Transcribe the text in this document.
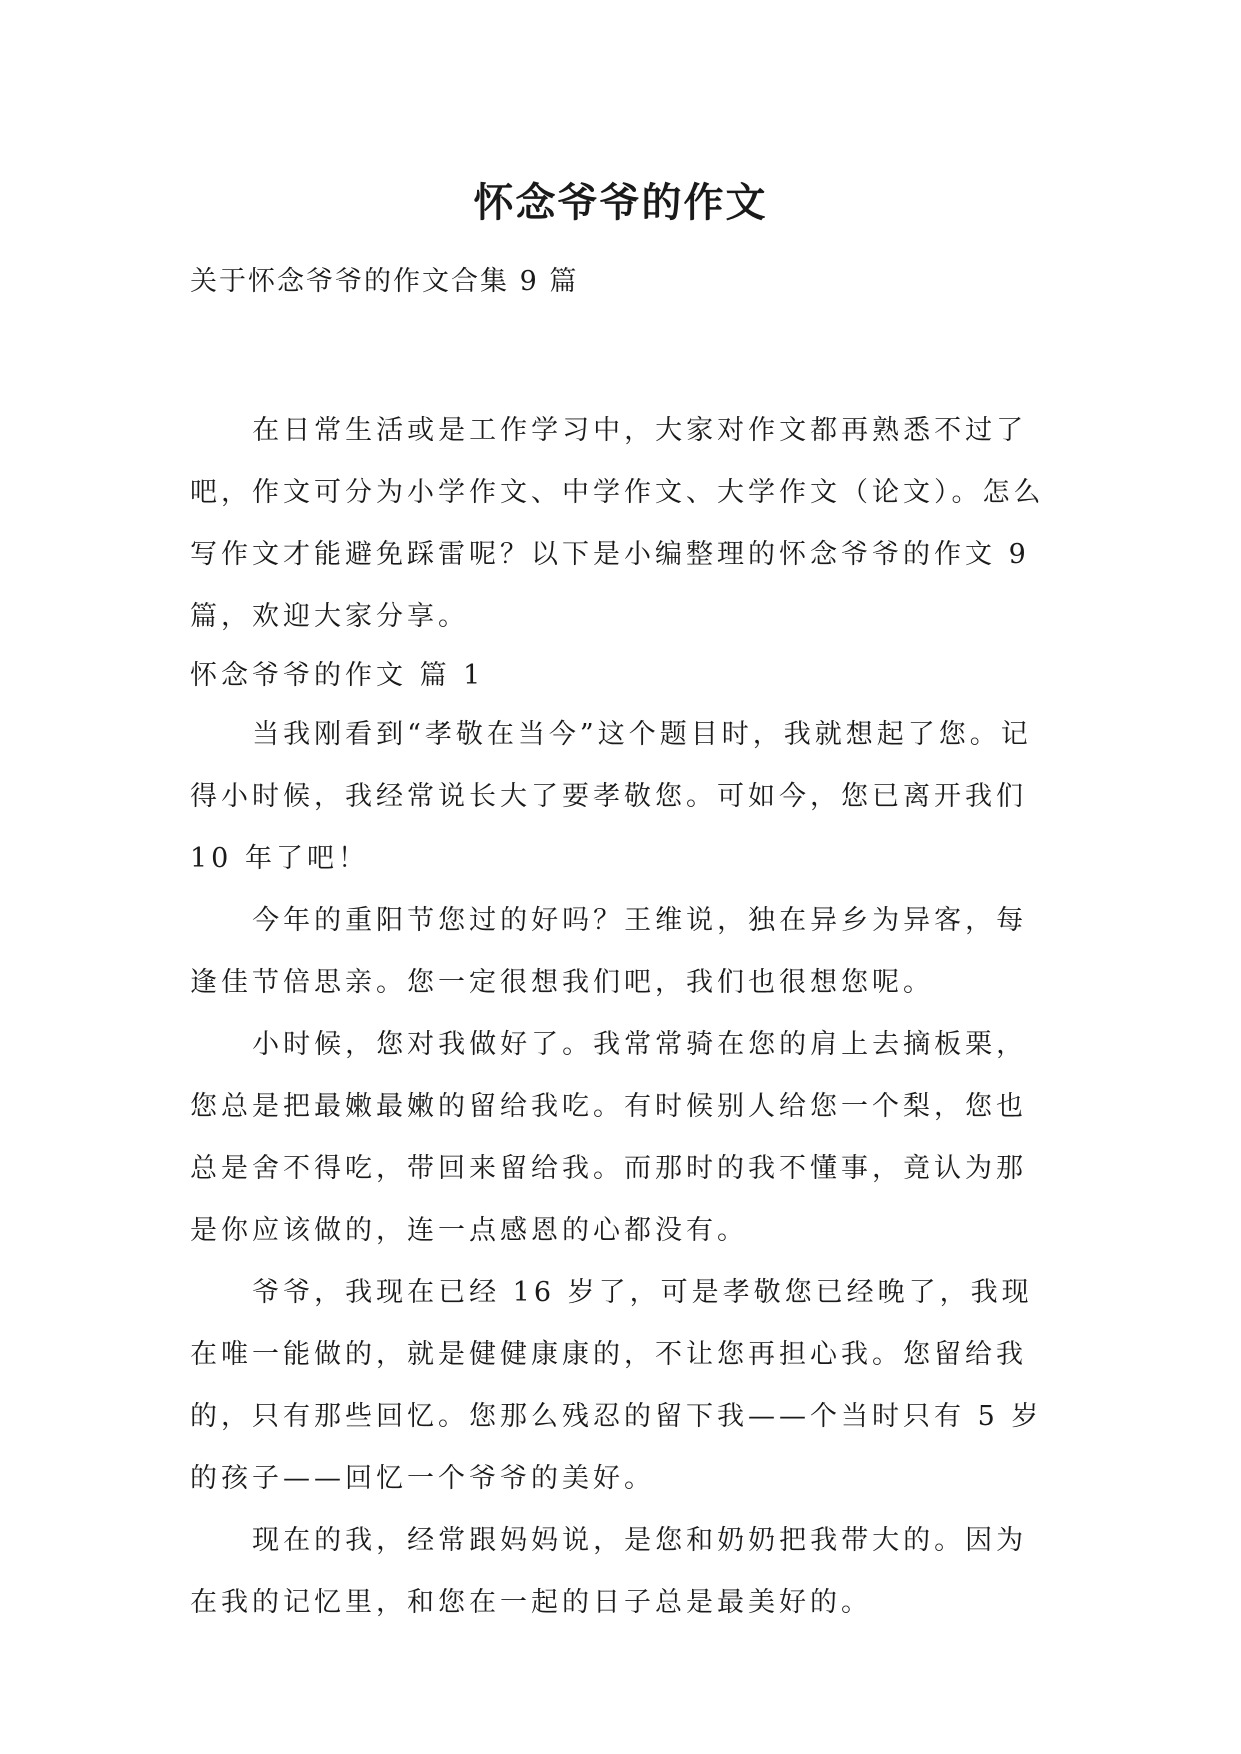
怀念爷爷的作文
关于怀念爷爷的作文合集 9 篇

在日常生活或是工作学习中，大家对作文都再熟悉不过了吧，作文可分为小学作文、中学作文、大学作文（论文）。怎么写作文才能避免踩雷呢？以下是小编整理的怀念爷爷的作文 9 篇，欢迎大家分享。

怀念爷爷的作文 篇 1

当我刚看到“孝敬在当今”这个题目时，我就想起了您。记得小时候，我经常说长大了要孝敬您。可如今，您已离开我们 10 年了吧！

今年的重阳节您过的好吗？王维说，独在异乡为异客，每逢佳节倍思亲。您一定很想我们吧，我们也很想您呢。

小时候，您对我做好了。我常常骑在您的肩上去摘板栗，您总是把最嫩最嫩的留给我吃。有时候别人给您一个梨，您也总是舍不得吃，带回来留给我。而那时的我不懂事，竟认为那是你应该做的，连一点感恩的心都没有。

爷爷，我现在已经 16 岁了，可是孝敬您已经晚了，我现在唯一能做的，就是健健康康的，不让您再担心我。您留给我的，只有那些回忆。您那么残忍的留下我——个当时只有 5 岁的孩子——回忆一个爷爷的美好。

现在的我，经常跟妈妈说，是您和奶奶把我带大的。因为在我的记忆里，和您在一起的日子总是最美好的。
